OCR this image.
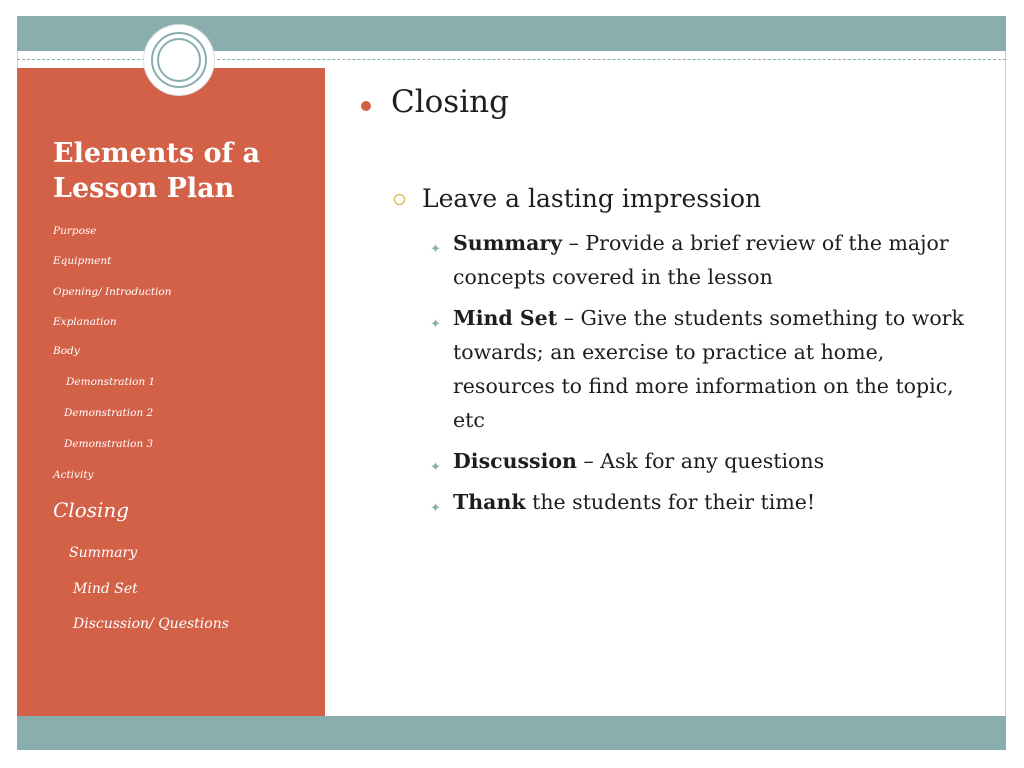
Elements of a Lesson Plan
Purpose
Equipment
Opening/ Introduction
Explanation
Body
Demonstration 1
Demonstration 2
Demonstration 3
Activity
Closing
Summary
Mind Set
Discussion/ Questions
Closing
Leave a lasting impression
✦ Summary – Provide a brief review of the major concepts covered in the lesson
✦ Mind Set – Give the students something to work towards; an exercise to practice at home, resources to find more information on the topic, etc
✦ Discussion – Ask for any questions
✦ Thank the students for their time!
